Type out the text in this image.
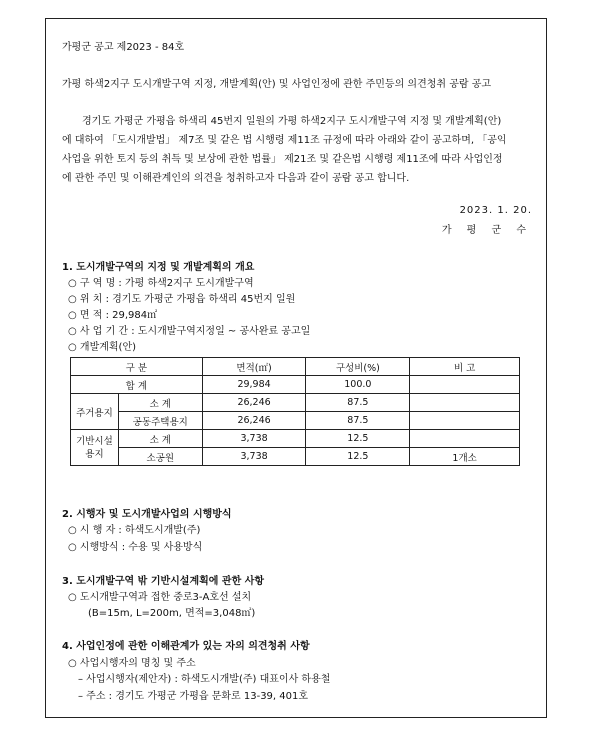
가평군 공고 제2023 - 84호
가평 하색2지구 도시개발구역 지정, 개발계획(안) 및 사업인정에 관한 주민등의 의견청취 공람 공고

경기도 가평군 가평읍 하색리 45번지 일원의 가평 하색2지구 도시개발구역 지정 및 개발계획(안)

에 대하여 「도시개발법」 제7조 및 같은 법 시행령 제11조 규정에 따라 아래와 같이 공고하며, 「공익

사업을 위한 토지 등의 취득 및 보상에 관한 법률」 제21조 및 같은법 시행령 제11조에 따라 사업인정

에 관한 주민 및 이해관계인의 의견을 청취하고자 다음과 같이 공람 공고 합니다.

2023. 1. 20.
가 평 군 수
1. 도시개발구역의 지정 및 개발계획의 개요
○ 구 역 명 : 가평 하색2지구 도시개발구역
○ 위 치 : 경기도 가평군 가평읍 하색리 45번지 일원
○ 면 적 : 29,984㎡
○ 사 업 기 간 : 도시개발구역지정일 ~ 공사완료 공고일
○ 개발계획(안)
구 분		면적(㎡)	구성비(%)	비 고
합 계		29,984	100.0	
주거용지	소 계	26,246	87.5	
	공동주택용지	26,246	87.5	
기반시설
용지	소 계	3,738	12.5	
	소공원	3,738	12.5	1개소
2. 시행자 및 도시개발사업의 시행방식
○ 시 행 자 : 하색도시개발(주)
○ 시행방식 : 수용 및 사용방식
3. 도시개발구역 밖 기반시설계획에 관한 사항
○ 도시개발구역과 접한 중로3-A호선 설치
(B=15m, L=200m, 면적=3,048㎡)
4. 사업인정에 관한 이해관계가 있는 자의 의견청취 사항
○ 사업시행자의 명칭 및 주소
– 사업시행자(제안자) : 하색도시개발(주) 대표이사 하용철
– 주소 : 경기도 가평군 가평읍 문화로 13-39, 401호
